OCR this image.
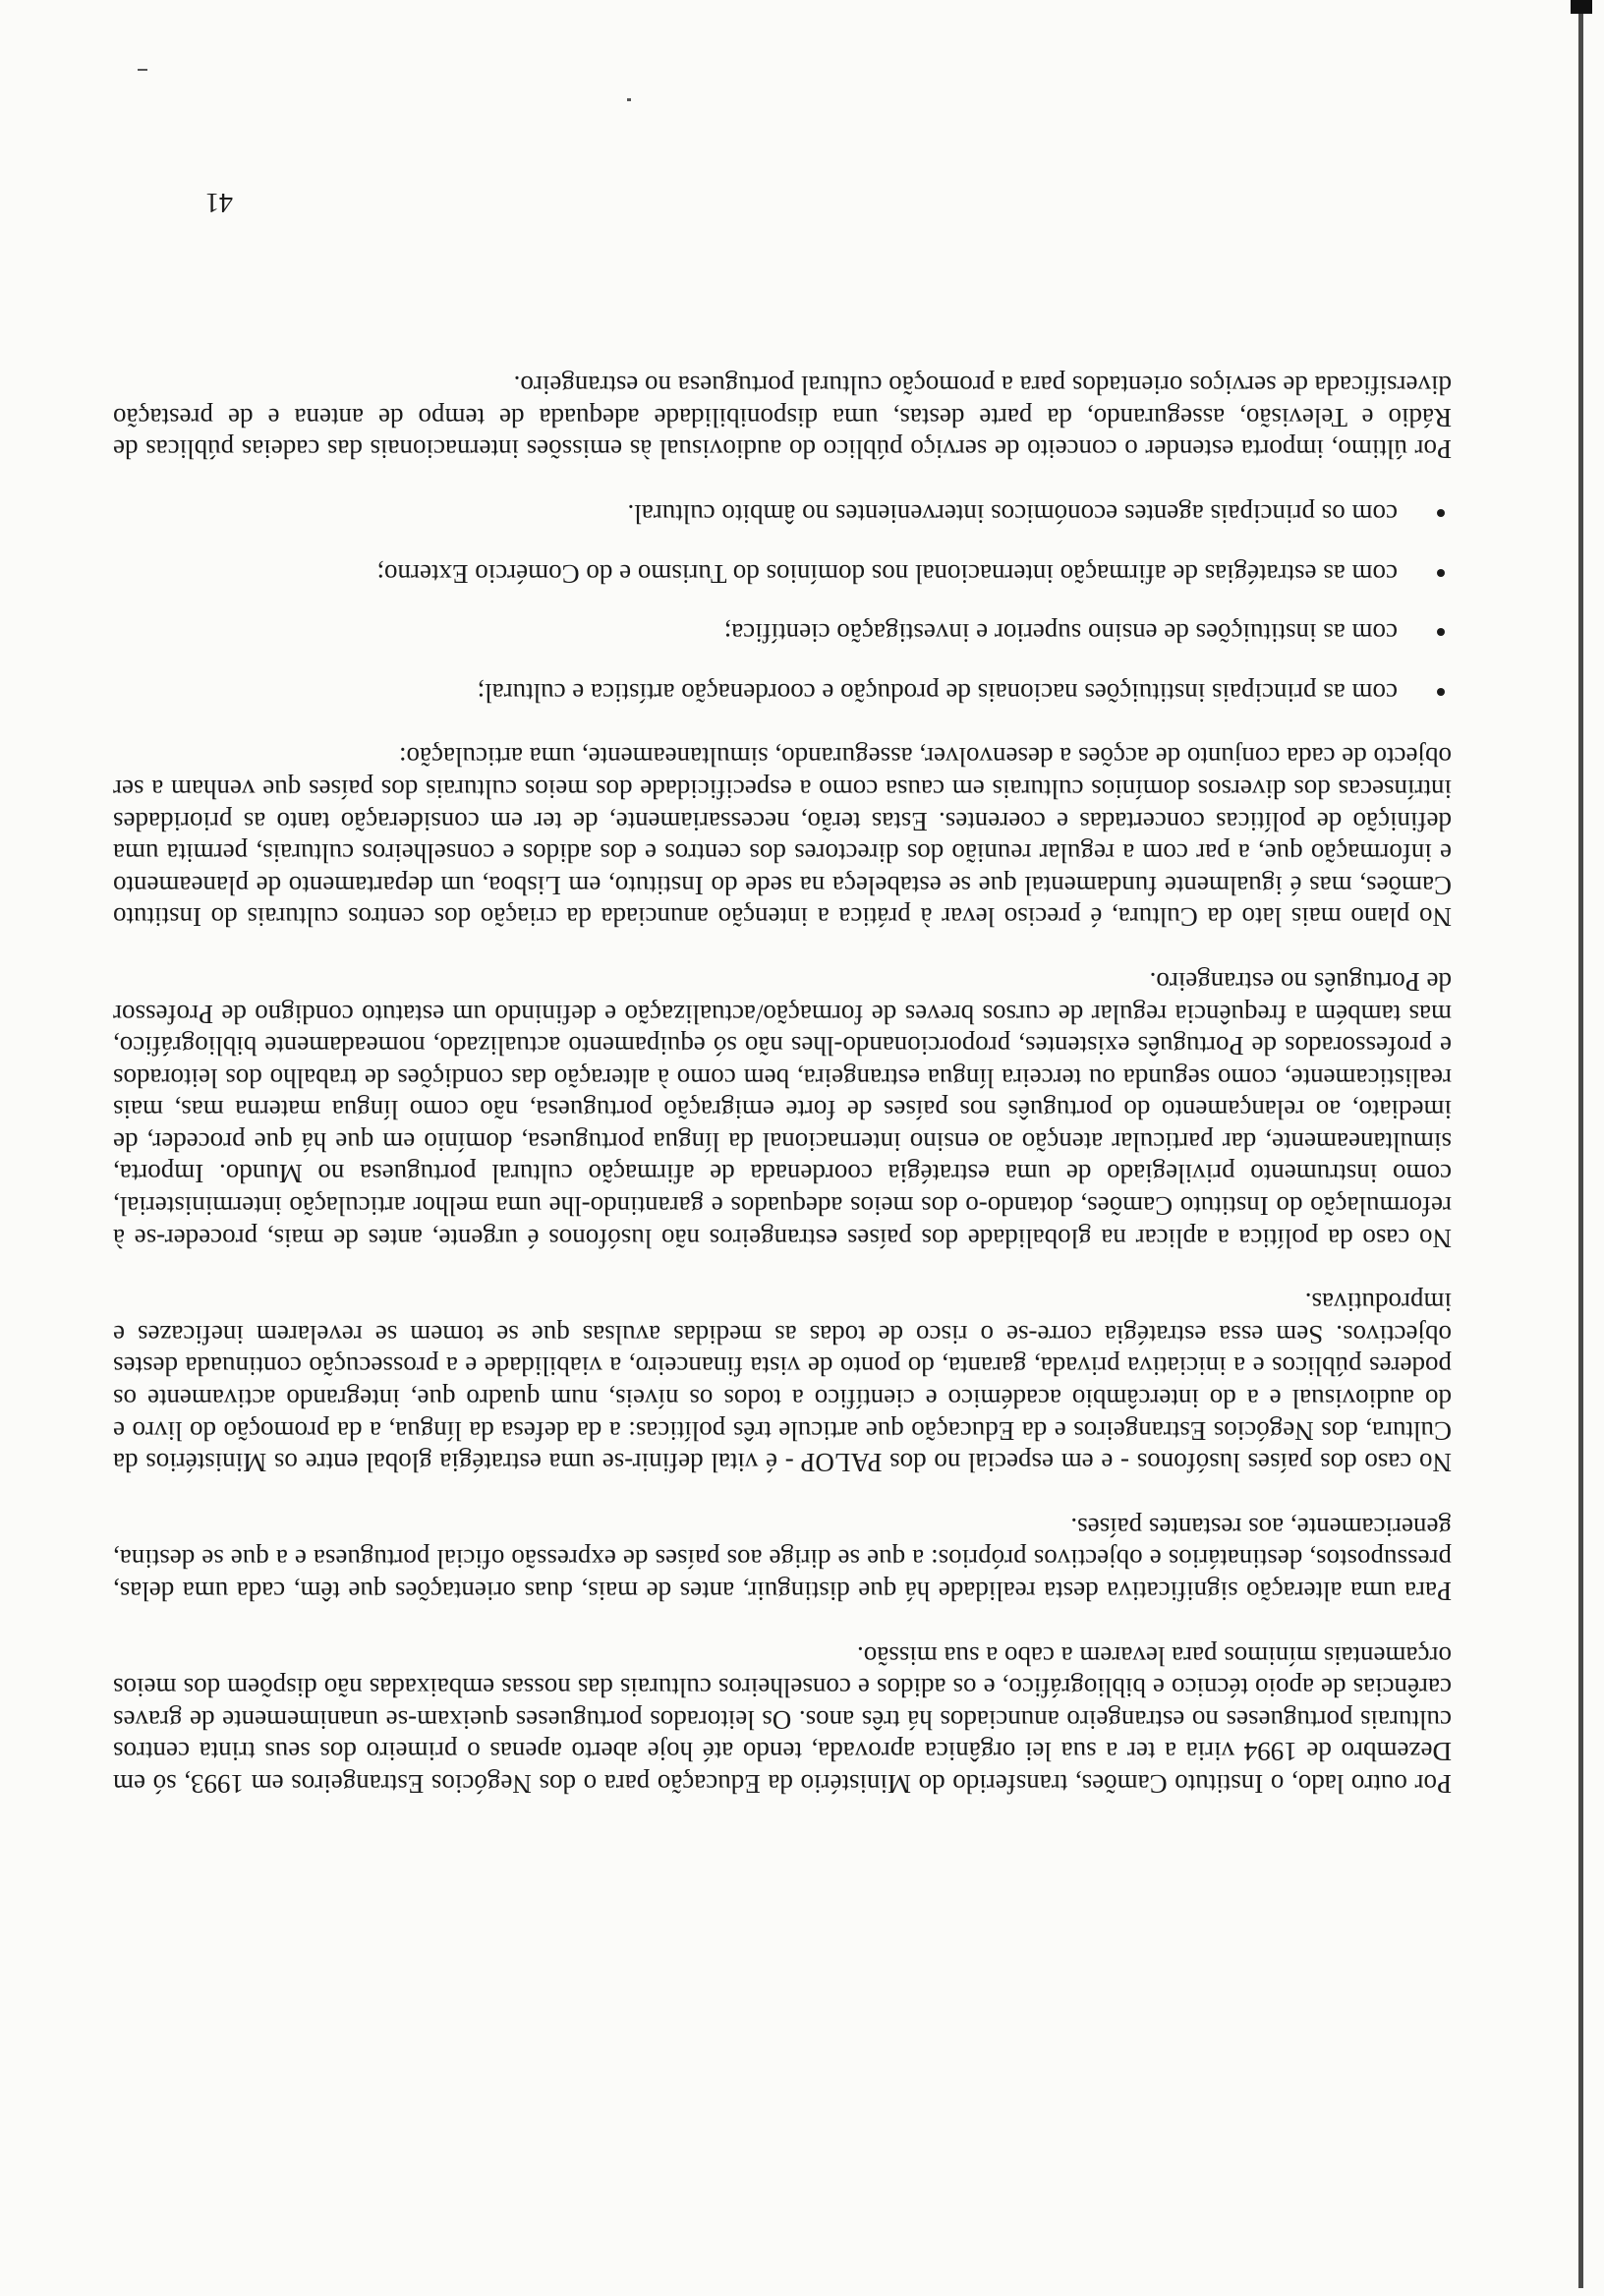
Por outro lado, o Instituto Camões, transferido do Ministério da Educação para o dos Negócios Estrangeiros em 1993, só em Dezembro de 1994 viria a ter a sua lei orgânica aprovada, tendo até hoje aberto apenas o primeiro dos seus trinta centros culturais portugueses no estrangeiro anunciados há três anos. Os leitorados portugueses queixam-se unanimemente de graves carências de apoio técnico e bibliográfico, e os adidos e conselheiros culturais das nossas embaixadas não dispõem dos meios orçamentais mínimos para levarem a cabo a sua missão.

Para uma alteração significativa desta realidade há que distinguir, antes de mais, duas orientações que têm, cada uma delas, pressupostos, destinatários e objectivos próprios: a que se dirige aos países de expressão oficial portuguesa e a que se destina, genericamente, aos restantes países.

No caso dos países lusófonos - e em especial no dos PALOP - é vital definir-se uma estratégia global entre os Ministérios da Cultura, dos Negócios Estrangeiros e da Educação que articule três políticas: a da defesa da língua, a da promoção do livro e do audiovisual e a do intercâmbio académico e científico a todos os níveis, num quadro que, integrando activamente os poderes públicos e a iniciativa privada, garanta, do ponto de vista financeiro, a viabilidade e a prossecução continuada destes objectivos. Sem essa estratégia corre-se o risco de todas as medidas avulsas que se tomem se revelarem ineficazes e improdutivas.

No caso da política a aplicar na globalidade dos países estrangeiros não lusófonos é urgente, antes de mais, proceder-se à reformulação do Instituto Camões, dotando-o dos meios adequados e garantindo-lhe uma melhor articulação interministerial, como instrumento privilegiado de uma estratégia coordenada de afirmação cultural portuguesa no Mundo. Importa, simultaneamente, dar particular atenção ao ensino internacional da língua portuguesa, domínio em que há que proceder, de imediato, ao relançamento do português nos países de forte emigração portuguesa, não como língua materna mas, mais realisticamente, como segunda ou terceira língua estrangeira, bem como à alteração das condições de trabalho dos leitorados e professorados de Português existentes, proporcionando-lhes não só equipamento actualizado, nomeadamente bibliográfico, mas também a frequência regular de cursos breves de formação/actualização e definindo um estatuto condigno de Professor de Português no estrangeiro.

No plano mais lato da Cultura, é preciso levar à prática a intenção anunciada da criação dos centros culturais do Instituto Camões, mas é igualmente fundamental que se estabeleça na sede do Instituto, em Lisboa, um departamento de planeamento e informação que, a par com a regular reunião dos directores dos centros e dos adidos e conselheiros culturais, permita uma definição de políticas concertadas e coerentes. Estas terão, necessariamente, de ter em consideração tanto as prioridades intrínsecas dos diversos domínios culturais em causa como a especificidade dos meios culturais dos países que venham a ser objecto de cada conjunto de acções a desenvolver, assegurando, simultaneamente, uma articulação:

com as principais instituições nacionais de produção e coordenação artística e cultural;
com as instituições de ensino superior e investigação científica;
com as estratégias de afirmação internacional nos domínios do Turismo e do Comércio Externo;
com os principais agentes económicos intervenientes no âmbito cultural.

Por último, importa estender o conceito de serviço público do audiovisual às emissões internacionais das cadeias públicas de Rádio e Televisão, assegurando, da parte destas, uma disponibilidade adequada de tempo de antena e de prestação diversificada de serviços orientados para a promoção cultural portuguesa no estrangeiro.

41
